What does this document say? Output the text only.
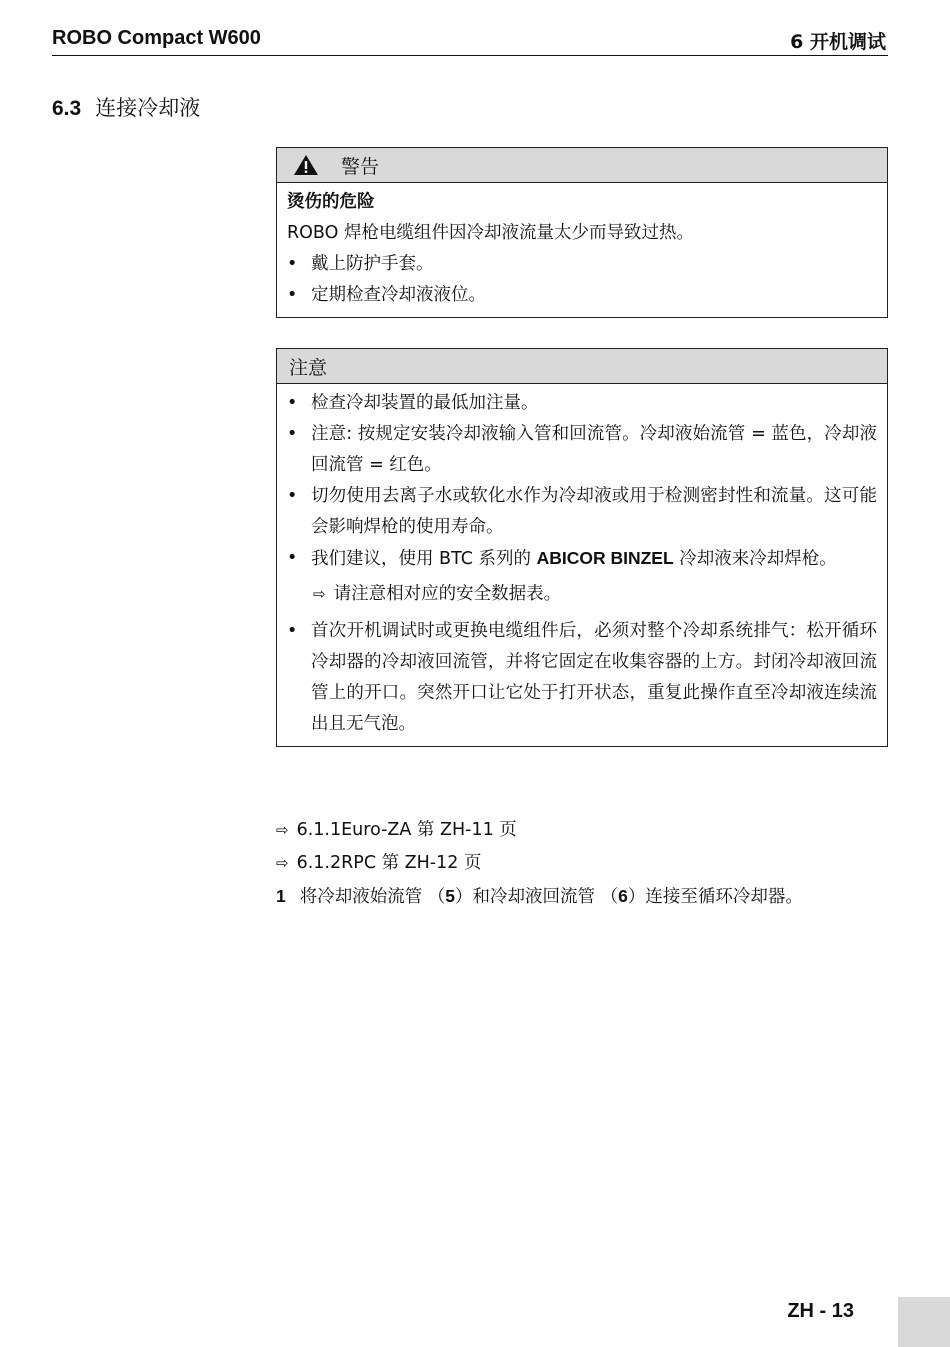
ROBO Compact W600	6 开机调试
6.3 连接冷却液
警告
烫伤的危险
ROBO 焊枪电缆组件因冷却液流量太少而导致过热。
• 戴上防护手套。
• 定期检查冷却液液位。
注意
• 检查冷却装置的最低加注量。
• 注意: 按规定安装冷却液输入管和回流管。冷却液始流管 = 蓝色，冷却液回流管 = 红色。
• 切勿使用去离子水或软化水作为冷却液或用于检测密封性和流量。这可能会影响焊枪的使用寿命。
• 我们建议，使用 BTC 系列的 ABICOR BINZEL 冷却液来冷却焊枪。
⇨ 请注意相对应的安全数据表。
• 首次开机调试时或更换电缆组件后，必须对整个冷却系统排气：松开循环冷却器的冷却液回流管，并将它固定在收集容器的上方。封闭冷却液回流管上的开口。突然开口让它处于打开状态，重复此操作直至冷却液连续流出且无气泡。
⇨ 6.1.1Euro-ZA 第 ZH-11 页
⇨ 6.1.2RPC 第 ZH-12 页
1 将冷却液始流管 （5）和冷却液回流管 （6）连接至循环冷却器。
ZH - 13
